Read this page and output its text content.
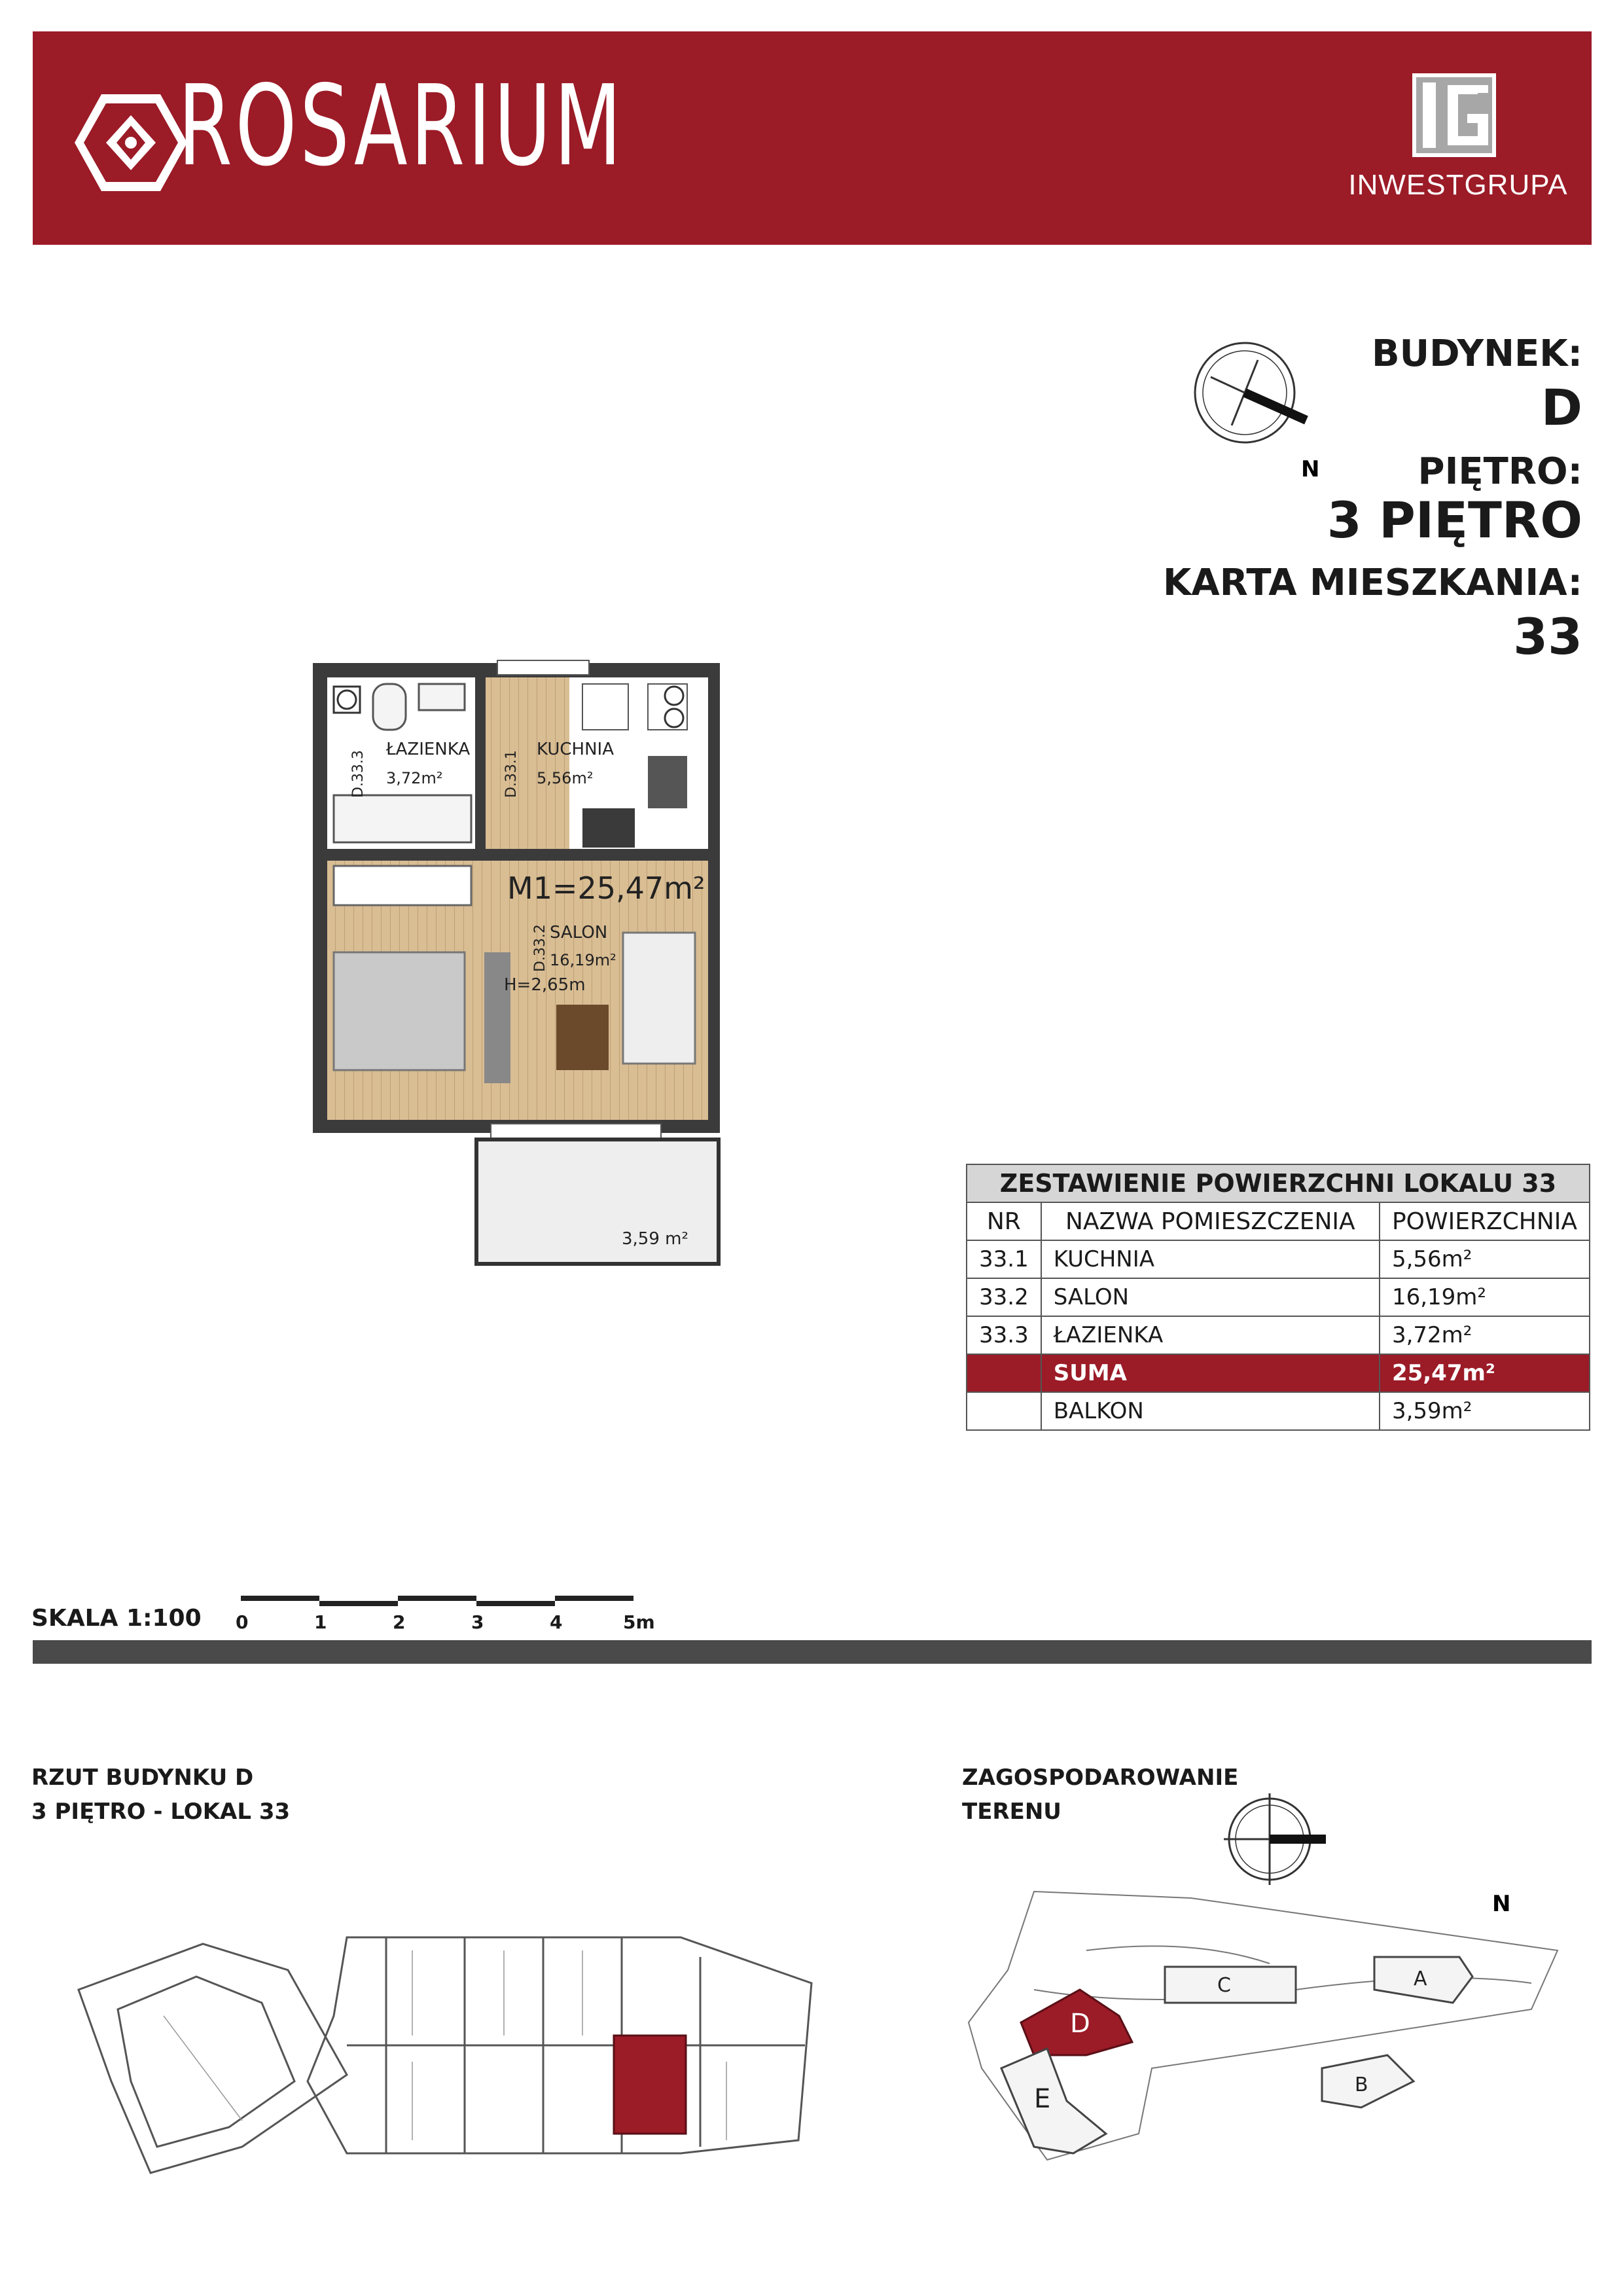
ROSARIUM	INWESTGRUPA
BUDYNEK:
D
PIĘTRO:
3 PIĘTRO
KARTA MIESZKANIA:
33
N
ŁAZIENKA
3,72m²
KUCHNIA
5,56m²
M1=25,47m²
SALON
16,19m²
H=2,65m
3,59 m²
D.33.3	D.33.1
D.33.2
ZESTAWIENIE POWIERZCHNI LOKALU 33		
NR	NAZWA POMIESZCZENIA	POWIERZCHNIA
33.1	KUCHNIA	5,56m²
33.2	SALON	16,19m²
33.3	ŁAZIENKA	3,72m²
	SUMA	25,47m²
	BALKON	3,59m²
SKALA 1:100 0	1	2	3	4	5m
RZUT BUDYNKU D
3 PIĘTRO - LOKAL 33
ZAGOSPODAROWANIE
TERENU
N
C	A
B
D
E
